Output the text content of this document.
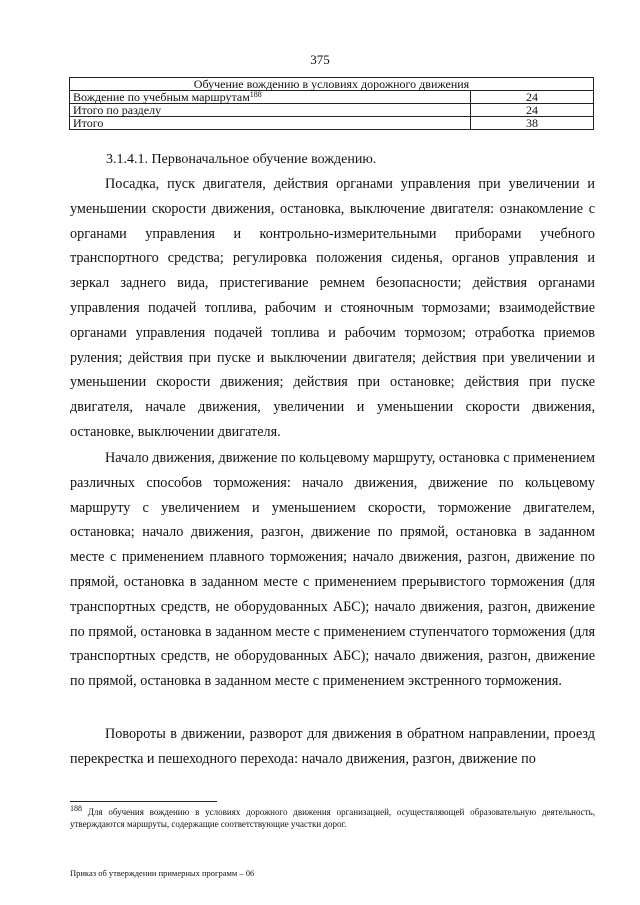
375
Обучение вождению в условиях дорожного движения	
Вождение по учебным маршрутам$^{188}$	24
Итого по разделу	24
Итого	38
3.1.4.1. Первоначальное обучение вождению.

Посадка, пуск двигателя, действия органами управления при увеличении и уменьшении скорости движения, остановка, выключение двигателя: ознакомление с органами управления и контрольно-измерительными приборами учебного транспортного средства; регулировка положения сиденья, органов управления и зеркал заднего вида, пристегивание ремнем безопасности; действия органами управления подачей топлива, рабочим и стояночным тормозами; взаимодействие органами управления подачей топлива и рабочим тормозом; отработка приемов руления; действия при пуске и выключении двигателя; действия при увеличении и уменьшении скорости движения; действия при остановке; действия при пуске двигателя, начале движения, увеличении и уменьшении скорости движения, остановке, выключении двигателя.

Начало движения, движение по кольцевому маршруту, остановка с применением различных способов торможения: начало движения, движение по кольцевому маршруту с увеличением и уменьшением скорости, торможение двигателем, остановка; начало движения, разгон, движение по прямой, остановка в заданном месте с применением плавного торможения; начало движения, разгон, движение по прямой, остановка в заданном месте с применением прерывистого торможения (для транспортных средств, не оборудованных АБС); начало движения, разгон, движение по прямой, остановка в заданном месте с применением ступенчатого торможения (для транспортных средств, не оборудованных АБС); начало движения, разгон, движение по прямой, остановка в заданном месте с применением экстренного торможения.

Повороты в движении, разворот для движения в обратном направлении, проезд перекрестка и пешеходного перехода: начало движения, разгон, движение по

$^{188}$ Для обучения вождению в условиях дорожного движения организацией, осуществляющей образовательную деятельность, утверждаются маршруты, содержащие соответствующие участки дорог.

Приказ об утверждении примерных программ – 06
